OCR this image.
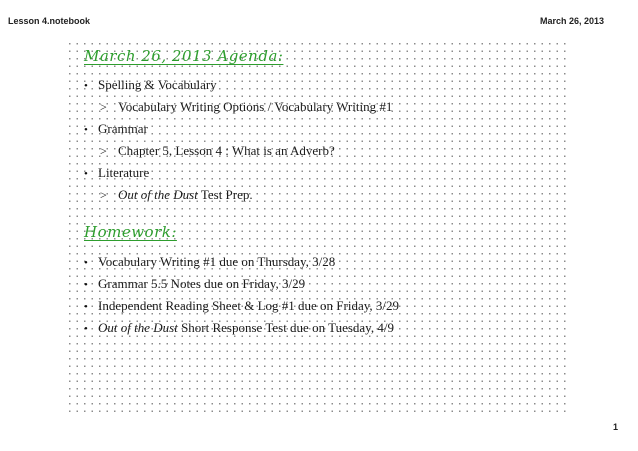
Lesson 4.notebook	March 26, 2013
March 26, 2013 Agenda:
• Spelling & Vocabulary
> Vocabulary Writing Options / Vocabulary Writing #1
• Grammar
> Chapter 5, Lesson 4 : What is an Adverb?
• Literature
> Out of the Dust Test Prep.
Homework:
• Vocabulary Writing #1 due on Thursday, 3/28
• Grammar 5.5 Notes due on Friday, 3/29
• Independent Reading Sheet & Log #1 due on Friday, 3/29
• Out of the Dust Short Response Test due on Tuesday, 4/9
1
